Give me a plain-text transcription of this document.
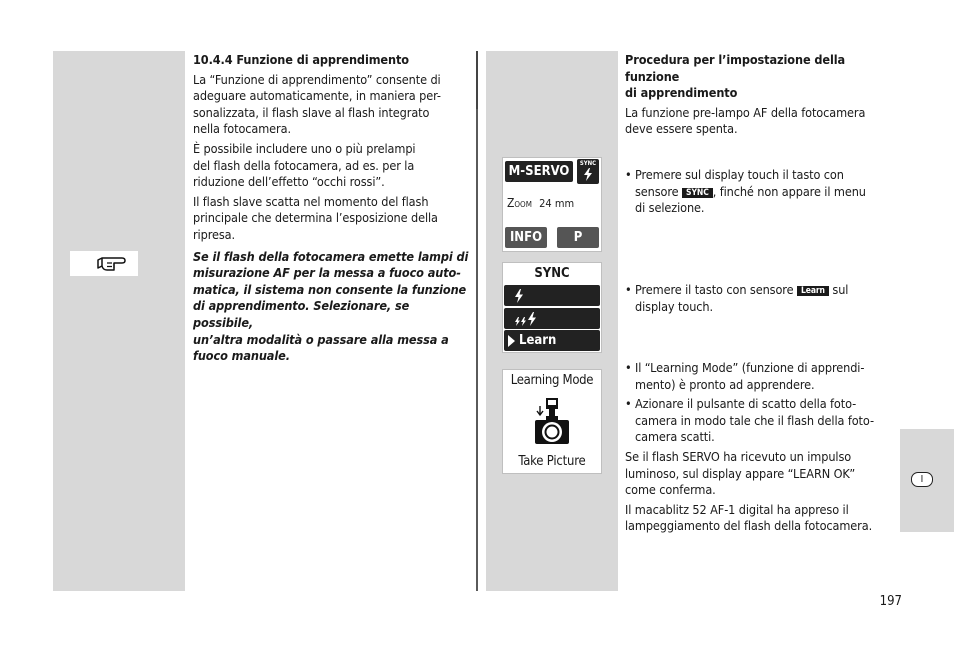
10.4.4 Funzione di apprendimento

La “Funzione di apprendimento” consente di
adeguare automaticamente, in maniera per-
sonalizzata, il flash slave al flash integrato
nella fotocamera.

È possibile includere uno o più prelampi
del flash della fotocamera, ad es. per la
riduzione dell’effetto “occhi rossi”.

Il flash slave scatta nel momento del flash
principale che determina l’esposizione della
ripresa.

Se il flash della fotocamera emette lampi di
misurazione AF per la messa a fuoco auto-
matica, il sistema non consente la funzione
di apprendimento. Selezionare, se possibile,
un’altra modalità o passare alla messa a
fuoco manuale.

Procedura per l’impostazione della funzione
di apprendimento

La funzione pre-lampo AF della fotocamera
deve essere spenta.

• Premere sul display touch il tasto con
sensore SYNC , finché non appare il menu
di selezione.
• Premere il tasto con sensore Learn sul
display touch.
• Il “Learning Mode” (funzione di apprendi-
mento) è pronto ad apprendere.
• Azionare il pulsante di scatto della foto-
camera in modo tale che il flash della foto-
camera scatti.

Se il flash SERVO ha ricevuto un impulso
luminoso, sul display appare “LEARN OK”
come conferma.

Il macablitz 52 AF-1 digital ha appreso il
lampeggiamento del flash della fotocamera.

M-SERVO
SYNC
Zoom 24 mm
INFO P
SYNC
Learn
Learning Mode
Take Picture
I
197
